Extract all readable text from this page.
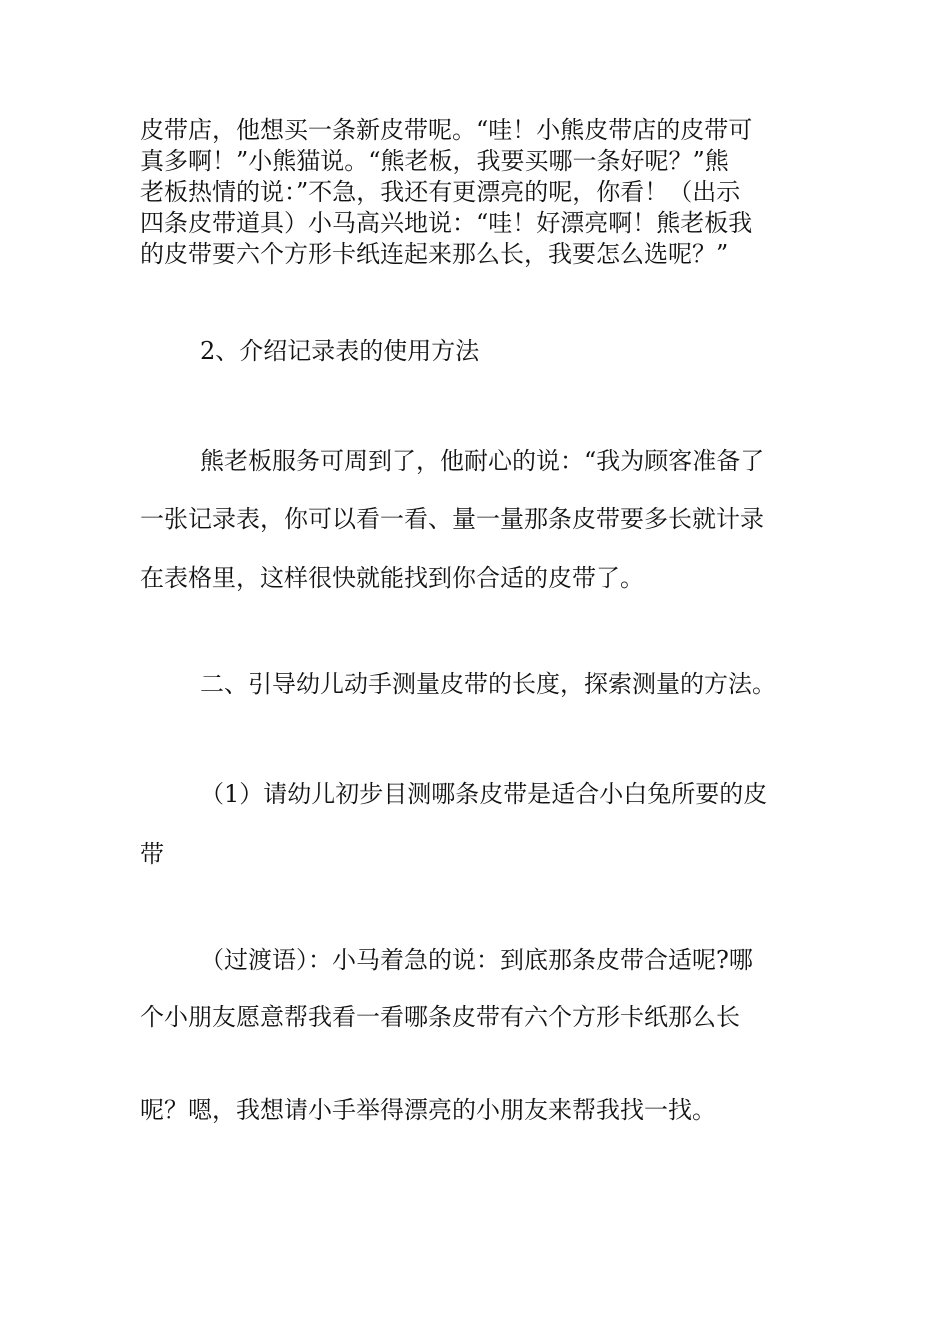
皮带店，他想买一条新皮带呢。“哇！小熊皮带店的皮带可
真多啊！”小熊猫说。“熊老板，我要买哪一条好呢？”熊
老板热情的说：”不急，我还有更漂亮的呢，你看！（出示
四条皮带道具）小马高兴地说：“哇！好漂亮啊！熊老板我
的皮带要六个方形卡纸连起来那么长，我要怎么选呢？”
2、介绍记录表的使用方法
熊老板服务可周到了，他耐心的说：“我为顾客准备了
一张记录表，你可以看一看、量一量那条皮带要多长就计录
在表格里，这样很快就能找到你合适的皮带了。
二、引导幼儿动手测量皮带的长度，探索测量的方法。
（1）请幼儿初步目测哪条皮带是适合小白兔所要的皮
带
（过渡语）：小马着急的说：到底那条皮带合适呢?哪
个小朋友愿意帮我看一看哪条皮带有六个方形卡纸那么长
呢？嗯，我想请小手举得漂亮的小朋友来帮我找一找。
